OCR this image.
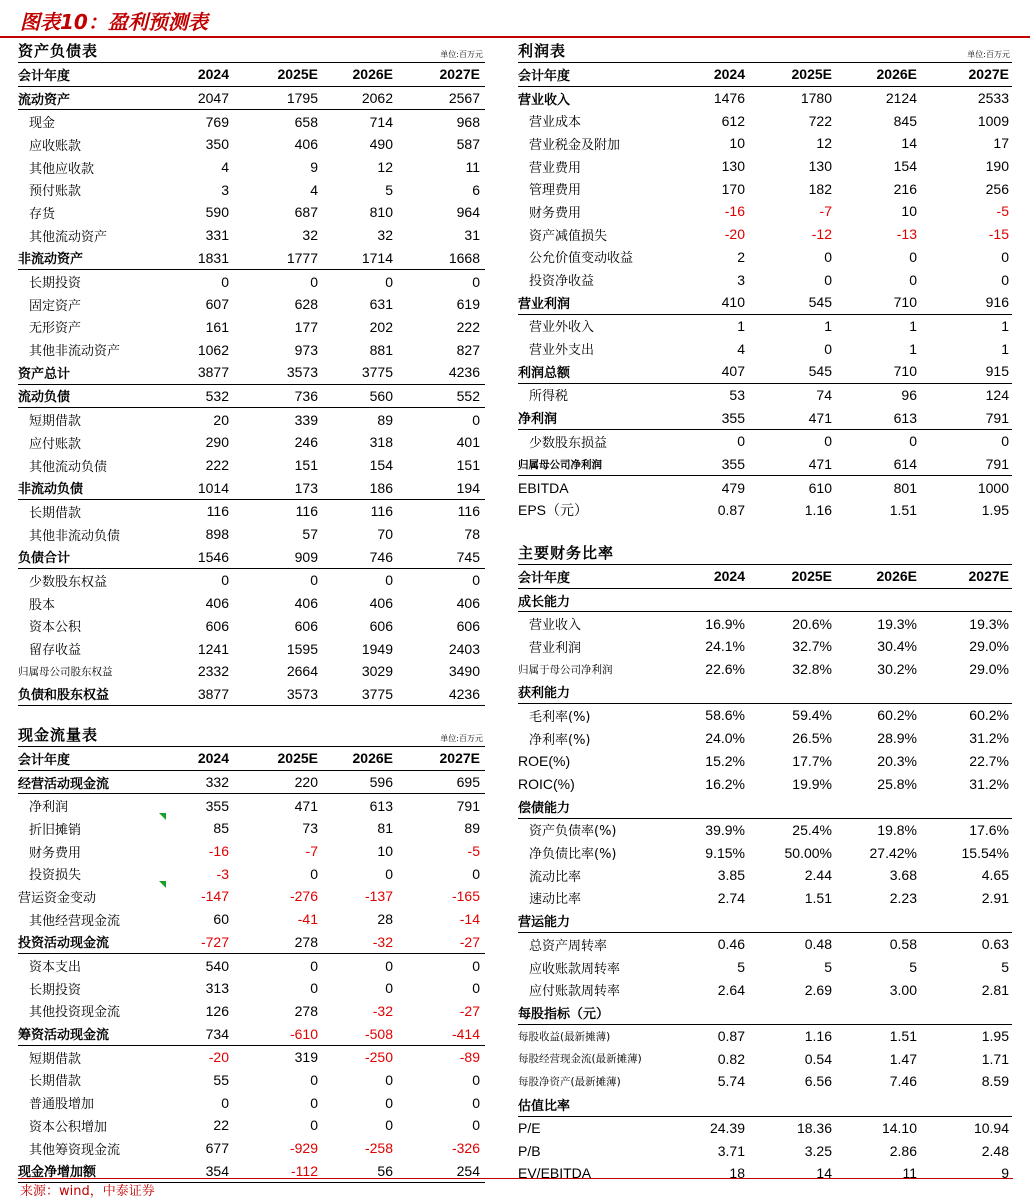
图表10：盈利预测表
资产负债表	单位:百万元
会计年度	2024	2025E 2026E	2027E
流动资产	2047	1795	2062	2567
现金	769	658	714	968
应收账款	350	406	490	587
其他应收款	4	9	12	11
预付账款	3	4	5	6
存货	590	687	810	964
其他流动资产	331	32	32	31
非流动资产	1831	1777	1714	1668
长期投资	0	0	0	0
固定资产	607	628	631	619
无形资产	161	177	202	222
其他非流动资产	1062	973	881	827
资产总计	3877	3573	3775	4236
流动负债	532	736	560	552
短期借款	20	339	89	0
应付账款	290	246	318	401
其他流动负债	222	151	154	151
非流动负债	1014	173	186	194
长期借款	116	116	116	116
其他非流动负债	898	57	70	78
负债合计	1546	909	746	745
少数股东权益	0	0	0	0
股本	406	406	406	406
资本公积	606	606	606	606
留存收益	1241	1595	1949	2403
归属母公司股东权益	2332	2664	3029	3490
负债和股东权益	3877	3573	3775	4236
利润表	单位:百万元
会计年度	2024	2025E	2026E	2027E
营业收入	1476	1780	2124	2533
营业成本	612	722	845	1009
营业税金及附加	10	12	14	17
营业费用	130	130	154	190
管理费用	170	182	216	256
财务费用	-16	-7	10	-5
资产减值损失	-20	-12	-13	-15
公允价值变动收益	2	0	0	0
投资净收益	3	0	0	0
营业利润	410	545	710	916
营业外收入	1	1	1	1
营业外支出	4	0	1	1
利润总额	407	545	710	915
所得税	53	74	96	124
净利润	355	471	613	791
少数股东损益	0	0	0	0
归属母公司净利润	355	471	614	791
EBITDA	479	610	801	1000
EPS（元）	0.87	1.16	1.51	1.95
主要财务比率
会计年度	2024	2025E	2026E	2027E
成长能力
营业收入	16.9%	20.6%	19.3%	19.3%
营业利润	24.1%	32.7%	30.4%	29.0%
归属于母公司净利润	22.6%	32.8%	30.2%	29.0%
获利能力
毛利率(%)	58.6%	59.4%	60.2%	60.2%
净利率(%)	24.0%	26.5%	28.9%	31.2%
ROE(%)	15.2%	17.7%	20.3%	22.7%
ROIC(%)	16.2%	19.9%	25.8%	31.2%
偿债能力
资产负债率(%)	39.9%	25.4%	19.8%	17.6%
净负债比率(%)	9.15%	50.00%	27.42%	15.54%
流动比率	3.85	2.44	3.68	4.65
速动比率	2.74	1.51	2.23	2.91
营运能力
总资产周转率	0.46	0.48	0.58	0.63
应收账款周转率	5	5	5	5
应付账款周转率	2.64	2.69	3.00	2.81
每股指标（元）
每股收益(最新摊薄)	0.87	1.16	1.51	1.95
每股经营现金流(最新摊薄)	0.82	0.54	1.47	1.71
每股净资产(最新摊薄)	5.74	6.56	7.46	8.59
估值比率
P/E	24.39	18.36	14.10	10.94
P/B	3.71	3.25	2.86	2.48
EV/EBITDA	18	14	11	9
现金流量表	单位:百万元
会计年度	2024	2025E 2026E	2027E
经营活动现金流	332	220	596	695
净利润	355	471	613	791
折旧摊销	85	73	81	89
财务费用	-16	-7	10	-5
投资损失	-3	0	0	0
营运资金变动	-147	-276	-137	-165
其他经营现金流	60	-41	28	-14
投资活动现金流	-727	278	-32	-27
资本支出	540	0	0	0
长期投资	313	0	0	0
其他投资现金流	126	278	-32	-27
筹资活动现金流	734	-610	-508	-414
短期借款	-20	319	-250	-89
长期借款	55	0	0	0
普通股增加	0	0	0	0
资本公积增加	22	0	0	0
其他筹资现金流	677	-929	-258	-326
现金净增加额	354	-112	56	254
来源：wind，中泰证券
